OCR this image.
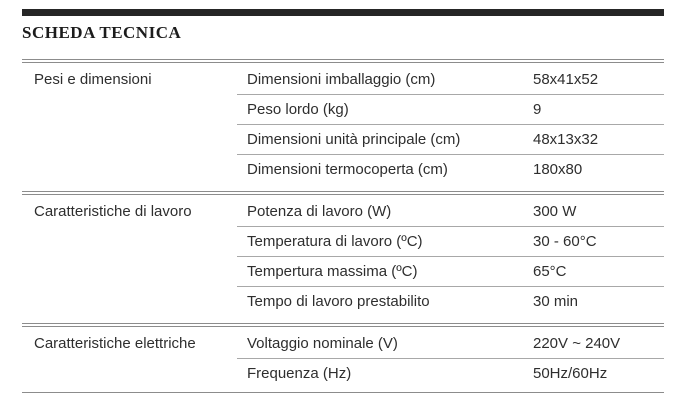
SCHEDA TECNICA
Pesi e dimensioni	Dimensioni imballaggio (cm)	58x41x52
Peso lordo (kg)	9
Dimensioni unità principale (cm)	48x13x32
Dimensioni termocoperta (cm)	180x80
Caratteristiche di lavoro	Potenza di lavoro (W)	300 W
Temperatura di lavoro (ºC)	30 - 60°C
Tempertura massima (ºC)	65°C
Tempo di lavoro prestabilito	30 min
Caratteristiche elettriche	Voltaggio nominale (V)	220V ~ 240V
Frequenza (Hz)	50Hz/60Hz
